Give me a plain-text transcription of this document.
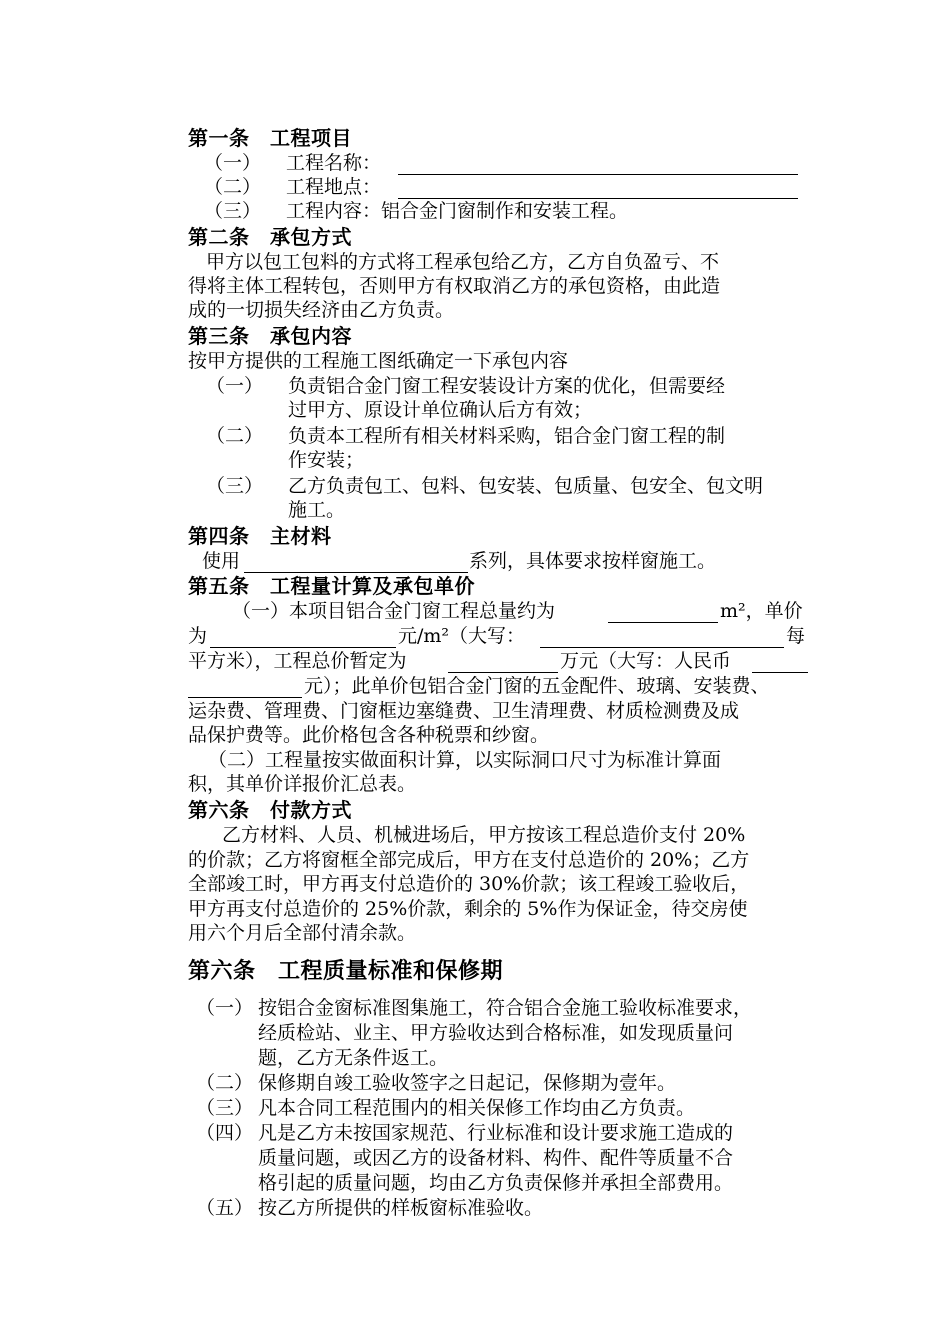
第一条　工程项目
（一） 工程名称：
（二） 工程地点：
（三） 工程内容：铝合金门窗制作和安装工程。
第二条　承包方式
甲方以包工包料的方式将工程承包给乙方，乙方自负盈亏、不
得将主体工程转包，否则甲方有权取消乙方的承包资格，由此造
成的一切损失经济由乙方负责。
第三条　承包内容
按甲方提供的工程施工图纸确定一下承包内容
（一） 负责铝合金门窗工程安装设计方案的优化，但需要经
过甲方、原设计单位确认后方有效；
（二） 负责本工程所有相关材料采购，铝合金门窗工程的制
作安装；
（三） 乙方负责包工、包料、包安装、包质量、包安全、包文明
施工。
第四条　主材料
使用	系列，具体要求按样窗施工。
第五条　工程量计算及承包单价
（一）本项目铝合金门窗工程总量约为	m²，单价
为	元/m²（大写：	每
平方米），工程总价暂定为	万元（大写：人民币
元）；此单价包铝合金门窗的五金配件、玻璃、安装费、
运杂费、管理费、门窗框边塞缝费、卫生清理费、材质检测费及成
品保护费等。此价格包含各种税票和纱窗。
（二）工程量按实做面积计算，以实际洞口尺寸为标准计算面
积，其单价详报价汇总表。
第六条　付款方式
乙方材料、人员、机械进场后，甲方按该工程总造价支付 20%
的价款；乙方将窗框全部完成后，甲方在支付总造价的 20%；乙方
全部竣工时，甲方再支付总造价的 30%价款；该工程竣工验收后，
甲方再支付总造价的 25%价款，剩余的 5%作为保证金，待交房使
用六个月后全部付清余款。
第六条　工程质量标准和保修期
（一） 按铝合金窗标准图集施工，符合铝合金施工验收标准要求，
经质检站、业主、甲方验收达到合格标准，如发现质量问
题，乙方无条件返工。
（二） 保修期自竣工验收签字之日起记，保修期为壹年。
（三） 凡本合同工程范围内的相关保修工作均由乙方负责。
（四） 凡是乙方未按国家规范、行业标准和设计要求施工造成的
质量问题，或因乙方的设备材料、构件、配件等质量不合
格引起的质量问题，均由乙方负责保修并承担全部费用。
（五） 按乙方所提供的样板窗标准验收。
